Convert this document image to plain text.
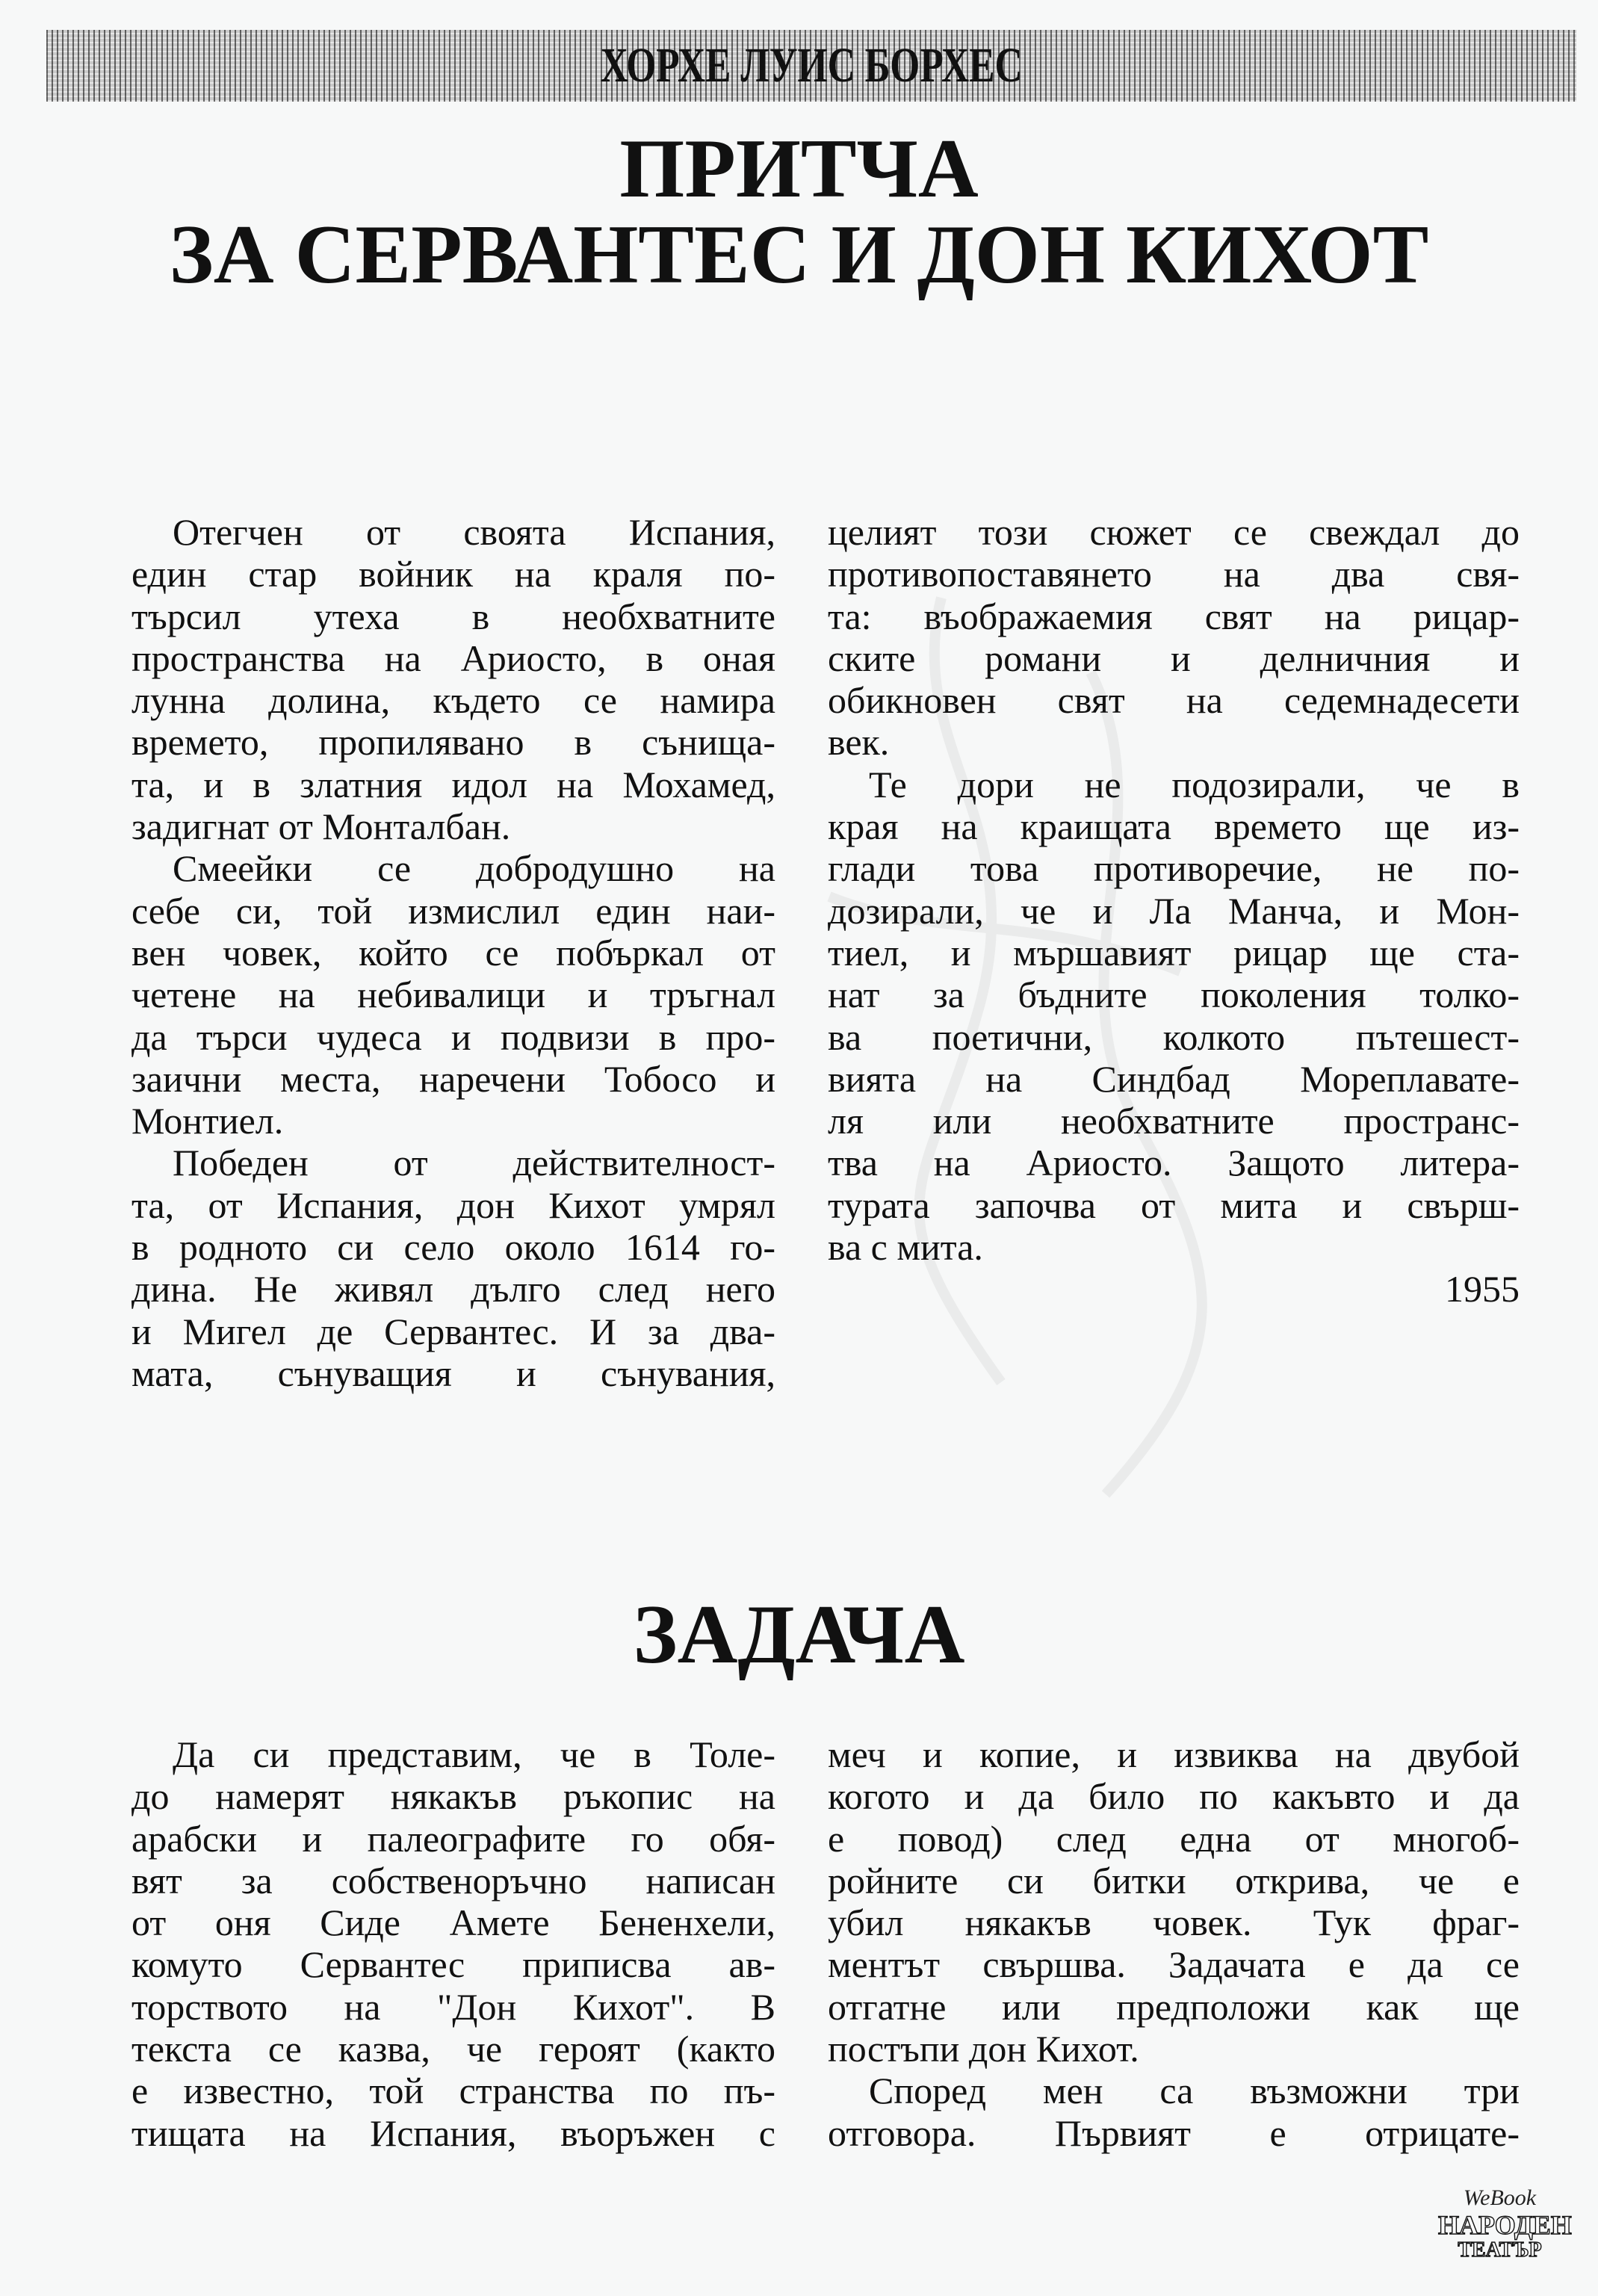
ХОРХЕ ЛУИС БОРХЕС
ПРИТЧА
ЗА СЕРВАНТЕС И ДОН КИХОТ
Отегчен от своята Испания,
един стар войник на краля по-
търсил утеха в необхватните
пространства на Ариосто, в оная
лунна долина, където се намира
времето, пропилявано в сънища-
та, и в златния идол на Мохамед,
задигнат от Монталбан.
Смеейки се добродушно на
себе си, той измислил един наи-
вен човек, който се побъркал от
четене на небивалици и тръгнал
да търси чудеса и подвизи в про-
заични места, наречени Тобосо и
Монтиел.
Победен от действителност-
та, от Испания, дон Кихот умрял
в родното си село около 1614 го-
дина. Не живял дълго след него
и Мигел де Сервантес. И за два-
мата, сънуващия и сънувания,
целият този сюжет се свеждал до
противопоставянето на два свя-
та: въображаемия свят на рицар-
ските романи и делничния и
обикновен свят на седемнадесети
век.
Те дори не подозирали, че в
края на краищата времето ще из-
глади това противоречие, не по-
дозирали, че и Ла Манча, и Мон-
тиел, и мършавият рицар ще ста-
нат за бъдните поколения толко-
ва поетични, колкото пътешест-
вията на Синдбад Мореплавате-
ля или необхватните пространс-
тва на Ариосто. Защото литера-
турата започва от мита и свърш-
ва с мита.
1955
ЗАДАЧА
Да си представим, че в Толе-
до намерят някакъв ръкопис на
арабски и палеографите го обя-
вят за собственоръчно написан
от оня Сиде Амете Бененхели,
комуто Сервантес приписва ав-
торството на "Дон Кихот". В
текста се казва, че героят (както
е известно, той странства по пъ-
тищата на Испания, въоръжен с
меч и копие, и извиква на двубой
когото и да било по какъвто и да
е повод) след една от многоб-
ройните си битки открива, че е
убил някакъв човек. Тук фраг-
ментът свършва. Задачата е да се
отгатне или предположи как ще
постъпи дон Кихот.
Според мен са възможни три
отговора. Първият е отрицате-
WeBook
НАРОДЕН
ТЕАТЪР
